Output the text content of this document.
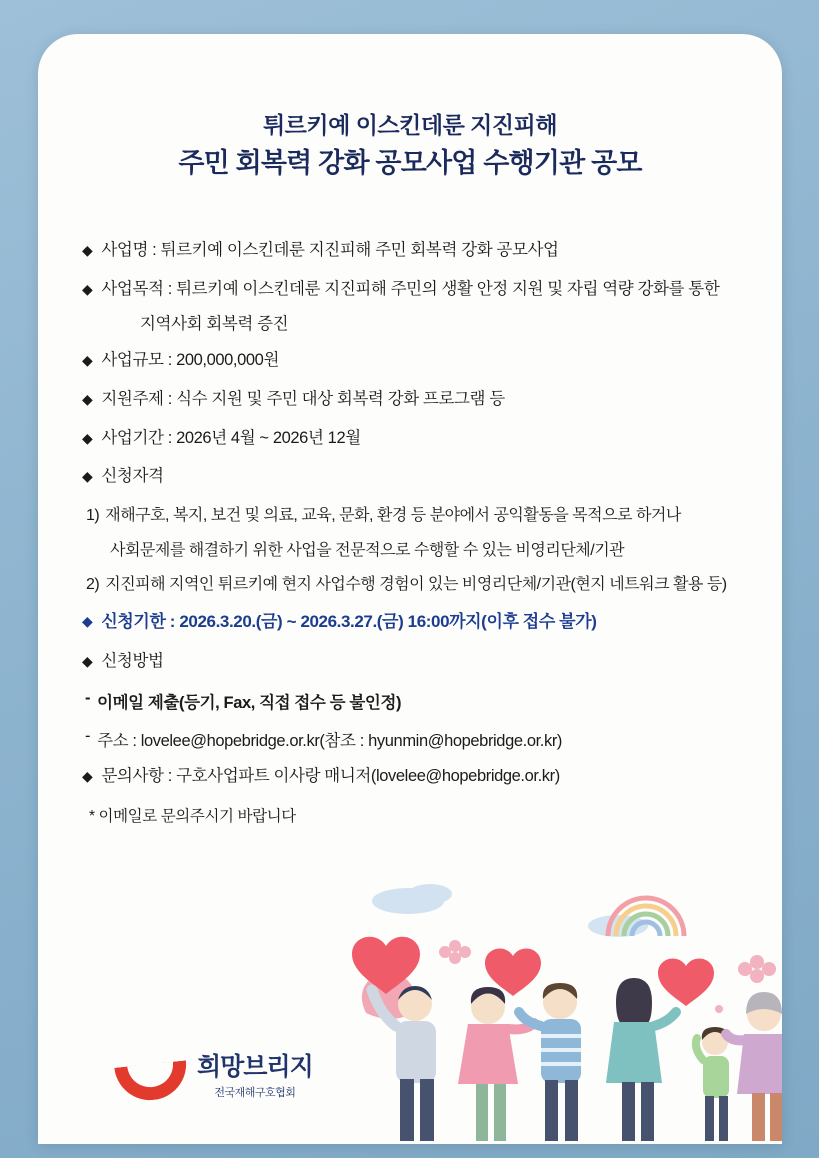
튀르키예 이스킨데룬 지진피해
주민 회복력 강화 공모사업 수행기관 공모
◆ 사업명 : 튀르키예 이스킨데룬 지진피해 주민 회복력 강화 공모사업
◆ 사업목적 : 튀르키예 이스킨데룬 지진피해 주민의 생활 안정 지원 및 자립 역량 강화를 통한
지역사회 회복력 증진
◆ 사업규모 : 200,000,000원
◆ 지원주제 : 식수 지원 및 주민 대상 회복력 강화 프로그램 등
◆ 사업기간 : 2026년 4월 ~ 2026년 12월
◆ 신청자격
1) 재해구호, 복지, 보건 및 의료, 교육, 문화, 환경 등 분야에서 공익활동을 목적으로 하거나
사회문제를 해결하기 위한 사업을 전문적으로 수행할 수 있는 비영리단체/기관
2) 지진피해 지역인 튀르키예 현지 사업수행 경험이 있는 비영리단체/기관(현지 네트워크 활용 등)
◆ 신청기한 : 2026.3.20.(금) ~ 2026.3.27.(금) 16:00까지(이후 접수 불가)
◆ 신청방법
- 이메일 제출(등기, Fax, 직접 접수 등 불인정)
- 주소 : lovelee@hopebridge.or.kr(참조 : hyunmin@hopebridge.or.kr)
◆ 문의사항 : 구호사업파트 이사랑 매니저(lovelee@hopebridge.or.kr)
* 이메일로 문의주시기 바랍니다
희망브리지
전국재해구호협회
